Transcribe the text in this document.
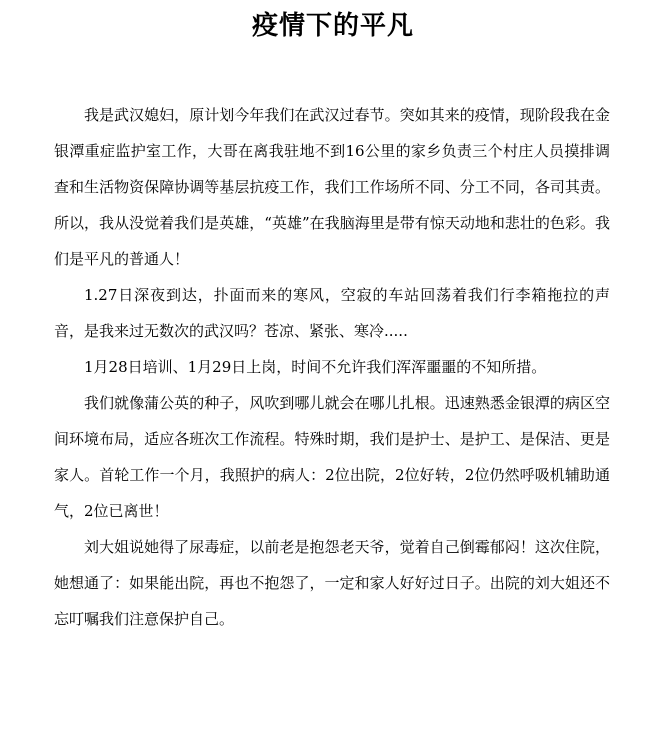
疫情下的平凡

我是武汉媳妇，原计划今年我们在武汉过春节。突如其来的疫情，现阶段我在金银潭重症监护室工作，大哥在离我驻地不到16公里的家乡负责三个村庄人员摸排调查和生活物资保障协调等基层抗疫工作，我们工作场所不同、分工不同，各司其责。所以，我从没觉着我们是英雄，“英雄”在我脑海里是带有惊天动地和悲壮的色彩。我们是平凡的普通人！

1.27日深夜到达，扑面而来的寒风，空寂的车站回荡着我们行李箱拖拉的声音，是我来过无数次的武汉吗？苍凉、紧张、寒冷.....

1月28日培训、1月29日上岗，时间不允许我们浑浑噩噩的不知所措。

我们就像蒲公英的种子，风吹到哪儿就会在哪儿扎根。迅速熟悉金银潭的病区空间环境布局，适应各班次工作流程。特殊时期，我们是护士、是护工、是保洁、更是家人。首轮工作一个月，我照护的病人：2位出院，2位好转，2位仍然呼吸机辅助通气，2位已离世！

刘大姐说她得了尿毒症，以前老是抱怨老天爷，觉着自己倒霉郁闷！这次住院，她想通了：如果能出院，再也不抱怨了，一定和家人好好过日子。出院的刘大姐还不忘叮嘱我们注意保护自己。
